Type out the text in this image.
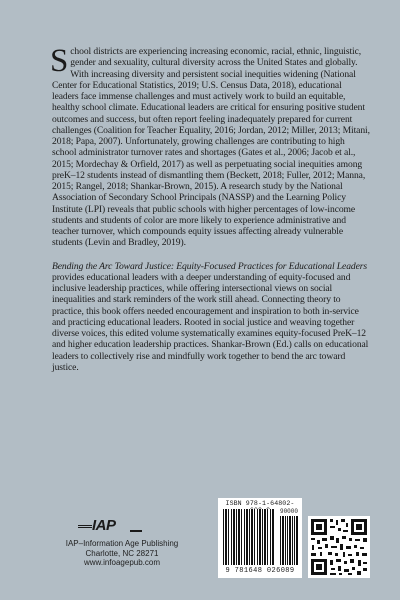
School districts are experiencing increasing economic, racial, ethnic, linguistic, gender and sexuality, cultural diversity across the United States and globally. With increasing diversity and persistent social inequities widening (National Center for Educational Statistics, 2019; U.S. Census Data, 2018), educational leaders face immense challenges and must actively work to build an equitable, healthy school climate. Educational leaders are critical for ensuring positive student outcomes and success, but often report feeling inadequately prepared for current challenges (Coalition for Teacher Equality, 2016; Jordan, 2012; Miller, 2013; Mitani, 2018; Papa, 2007). Unfortunately, growing challenges are contributing to high school administrator turnover rates and shortages (Gates et al., 2006; Jacob et al., 2015; Mordechay & Orfield, 2017) as well as perpetuating social inequities among preK–12 students instead of dismantling them (Beckett, 2018; Fuller, 2012; Manna, 2015; Rangel, 2018; Shankar-Brown, 2015). A research study by the National Association of Secondary School Principals (NASSP) and the Learning Policy Institute (LPI) reveals that public schools with higher percentages of low-income students and students of color are more likely to experience administrative and teacher turnover, which compounds equity issues affecting already vulnerable students (Levin and Bradley, 2019).

Bending the Arc Toward Justice: Equity-Focused Practices for Educational Leaders provides educational leaders with a deeper understanding of equity-focused and inclusive leadership practices, while offering intersectional views on social inequalities and stark reminders of the work still ahead. Connecting theory to practice, this book offers needed encouragement and inspiration to both in-service and practicing educational leaders. Rooted in social justice and weaving together diverse voices, this edited volume systematically examines equity-focused PreK–12 and higher education leadership practices. Shankar-Brown (Ed.) calls on educational leaders to collectively rise and mindfully work together to bend the arc toward justice.

IAP
IAP–Information Age Publishing
Charlotte, NC 28271
www.infoagepub.com
ISBN 978-1-64802-
90000
9 781648 026089
